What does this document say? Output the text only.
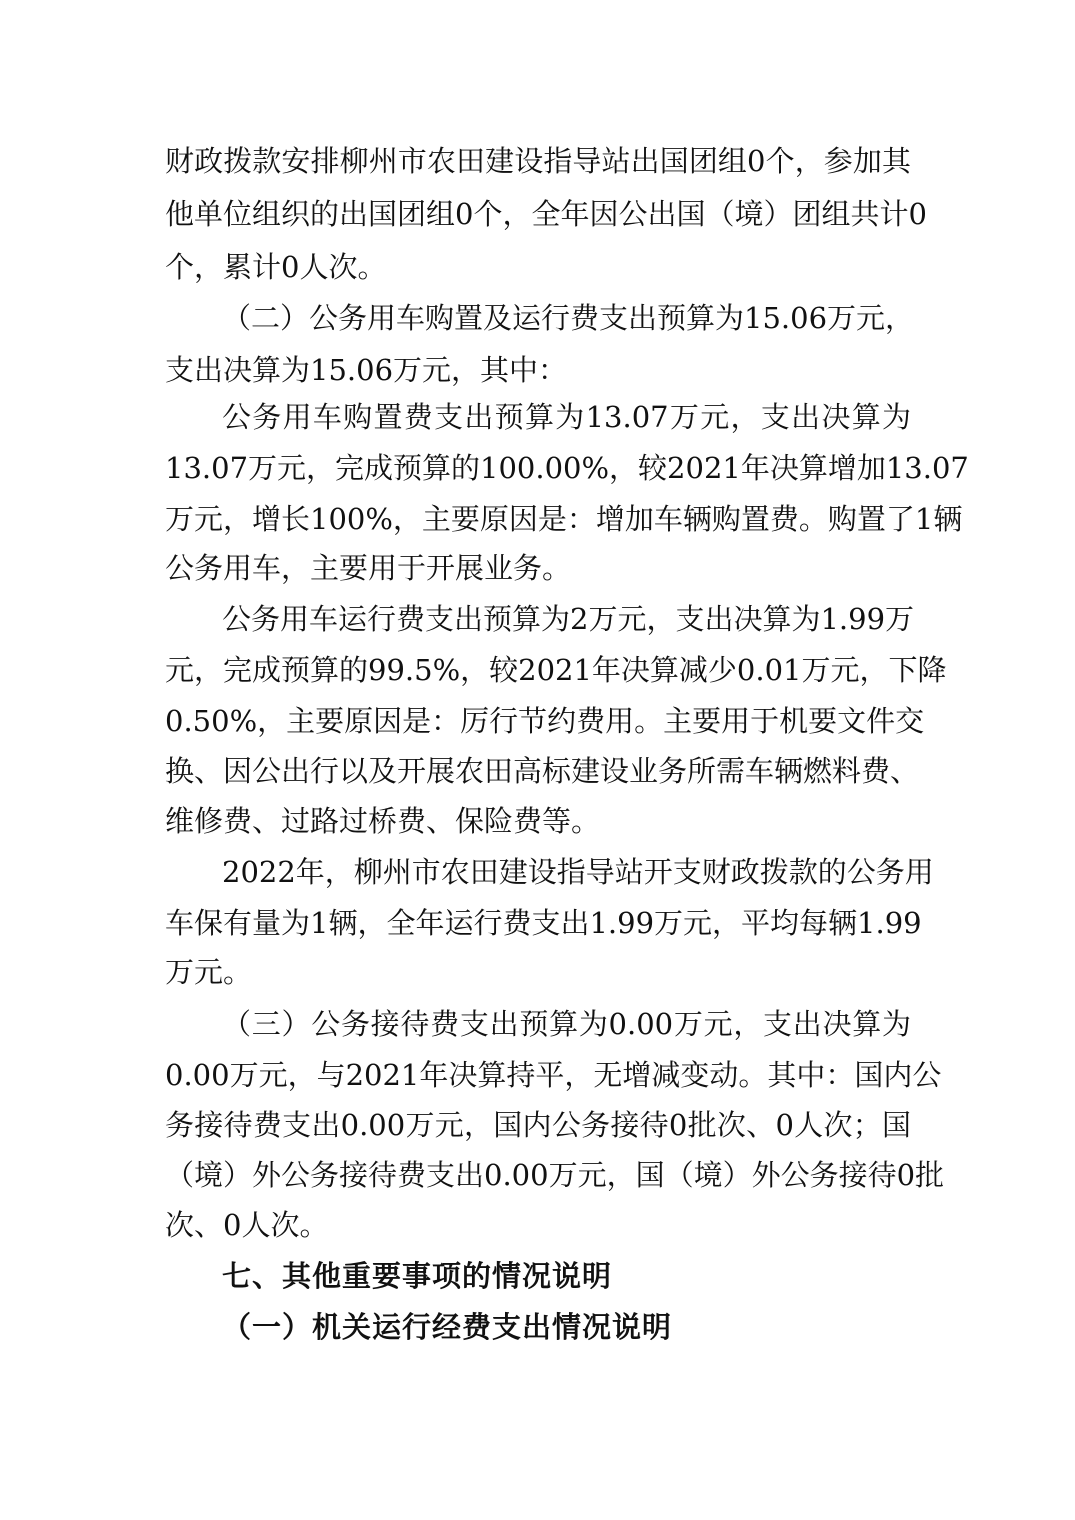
财政拨款安排柳州市农田建设指导站出国团组0个，参加其
他单位组织的出国团组0个，全年因公出国（境）团组共计0
个，累计0人次。
（二）公务用车购置及运行费支出预算为15.06万元，
支出决算为15.06万元，其中：
公务用车购置费支出预算为13.07万元，支出决算为
13.07万元，完成预算的100.00%，较2021年决算增加13.07
万元，增长100%，主要原因是：增加车辆购置费。购置了1辆
公务用车，主要用于开展业务。
公务用车运行费支出预算为2万元，支出决算为1.99万
元，完成预算的99.5%，较2021年决算减少0.01万元，下降
0.50%，主要原因是：厉行节约费用。主要用于机要文件交
换、因公出行以及开展农田高标建设业务所需车辆燃料费、
维修费、过路过桥费、保险费等。
2022年，柳州市农田建设指导站开支财政拨款的公务用
车保有量为1辆，全年运行费支出1.99万元，平均每辆1.99
万元。
（三）公务接待费支出预算为0.00万元，支出决算为
0.00万元，与2021年决算持平，无增减变动。其中：国内公
务接待费支出0.00万元，国内公务接待0批次、0人次；国
（境）外公务接待费支出0.00万元，国（境）外公务接待0批
次、0人次。
七、其他重要事项的情况说明
（一）机关运行经费支出情况说明
